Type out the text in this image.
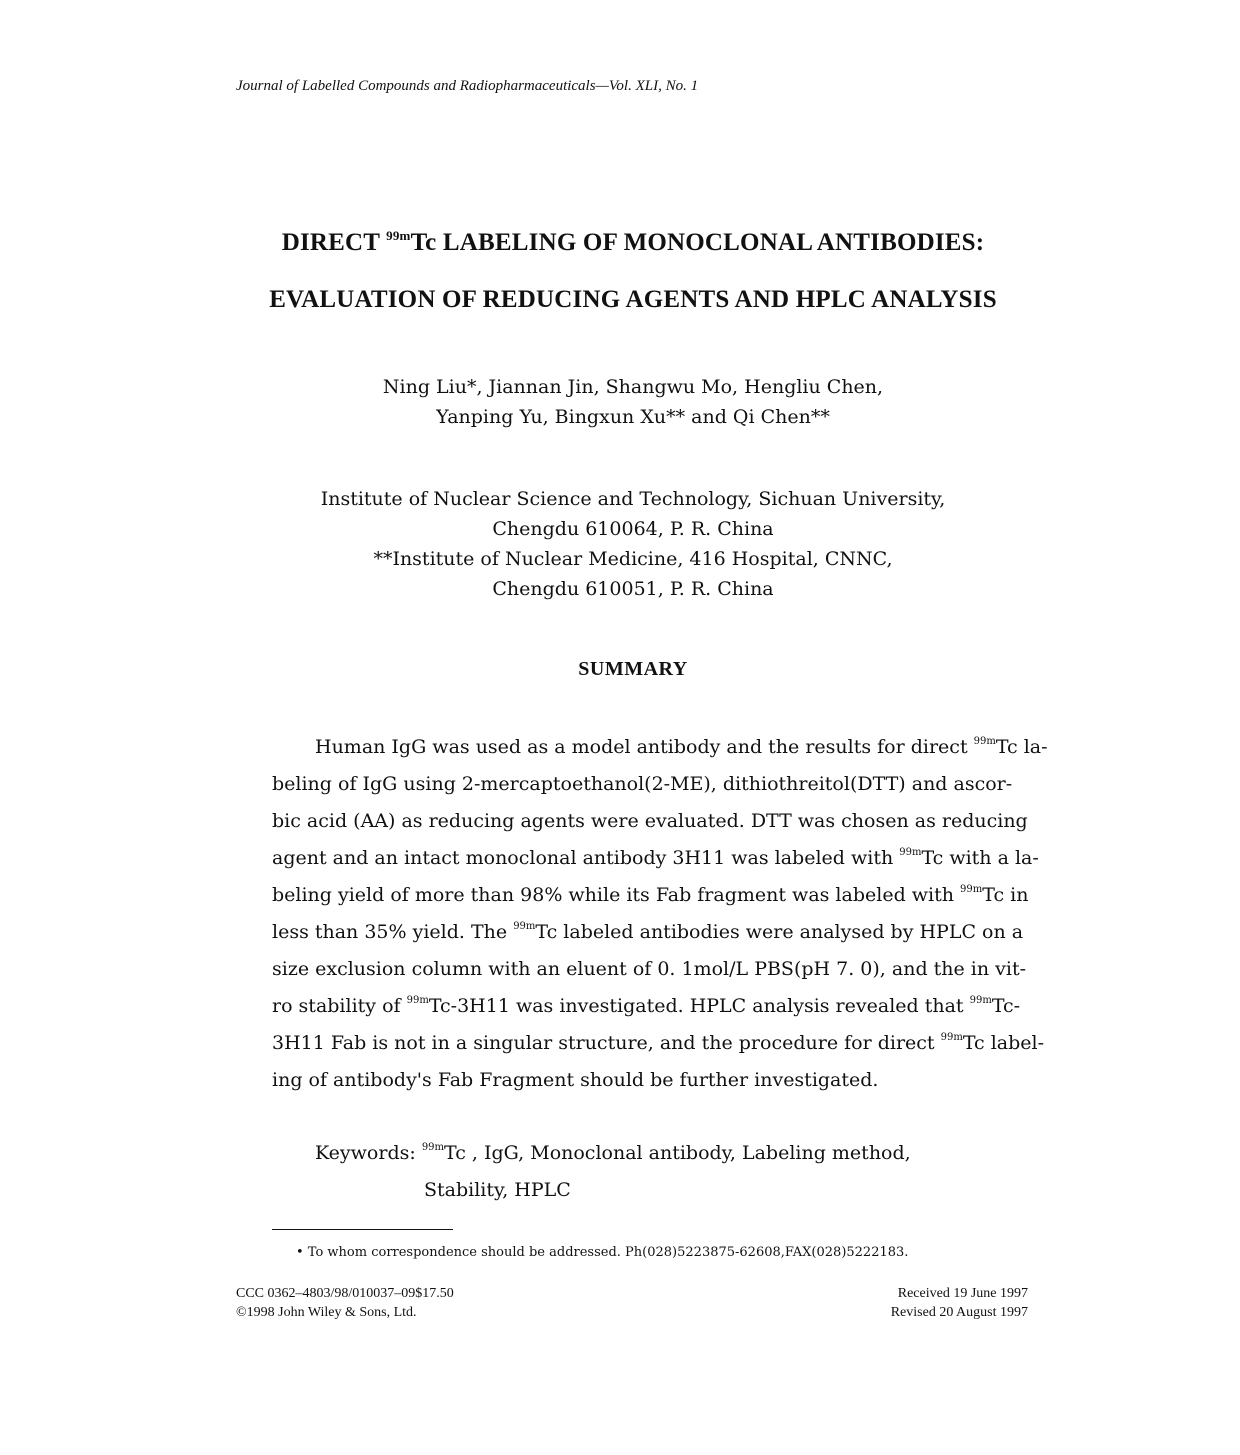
Journal of Labelled Compounds and Radiopharmaceuticals—Vol. XLI, No. 1
DIRECT $^{99m}$Tc LABELING OF MONOCLONAL ANTIBODIES:
EVALUATION OF REDUCING AGENTS AND HPLC ANALYSIS
Ning Liu*, Jiannan Jin, Shangwu Mo, Hengliu Chen,
Yanping Yu, Bingxun Xu** and Qi Chen**
Institute of Nuclear Science and Technology, Sichuan University,
Chengdu 610064, P. R. China
**Institute of Nuclear Medicine, 416 Hospital, CNNC,
Chengdu 610051, P. R. China
SUMMARY
Human IgG was used as a model antibody and the results for direct $^{99m}$Tc la-
beling of IgG using 2-mercaptoethanol(2-ME), dithiothreitol(DTT) and ascor-
bic acid (AA) as reducing agents were evaluated. DTT was chosen as reducing
agent and an intact monoclonal antibody 3H11 was labeled with $^{99m}$Tc with a la-
beling yield of more than 98% while its Fab fragment was labeled with $^{99m}$Tc in
less than 35% yield. The $^{99m}$Tc labeled antibodies were analysed by HPLC on a
size exclusion column with an eluent of 0. 1mol/L PBS(pH 7. 0), and the in vit-
ro stability of $^{99m}$Tc-3H11 was investigated. HPLC analysis revealed that $^{99m}$Tc-
3H11 Fab is not in a singular structure, and the procedure for direct $^{99m}$Tc label-
ing of antibody's Fab Fragment should be further investigated.
Keywords: $^{99m}$Tc , IgG, Monoclonal antibody, Labeling method,
Stability, HPLC
• To whom correspondence should be addressed. Ph(028)5223875-62608,FAX(028)5222183.
CCC 0362–4803/98/010037–09$17.50
©1998 John Wiley & Sons, Ltd.
Received 19 June 1997
Revised 20 August 1997
